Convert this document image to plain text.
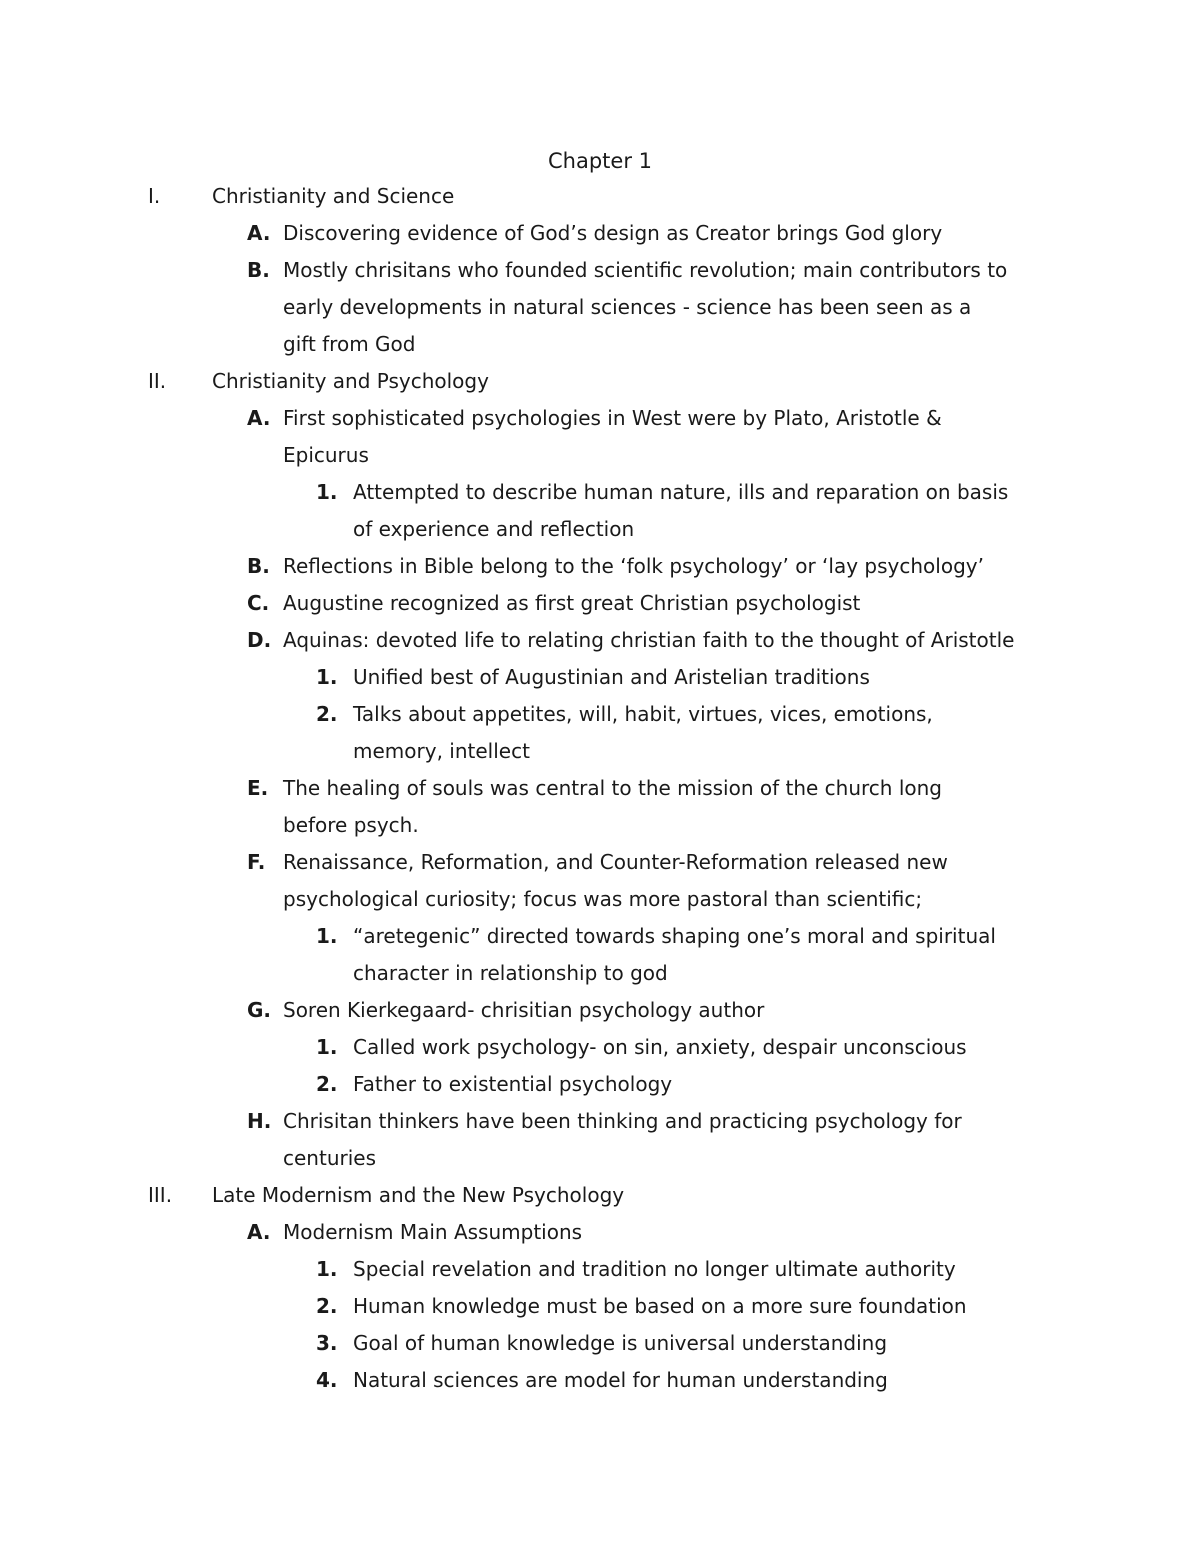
Chapter 1
I.	Christianity and Science
A. Discovering evidence of God’s design as Creator brings God glory
B. Mostly chrisitans who founded scientific revolution; main contributors to
early developments in natural sciences - science has been seen as a
gift from God
II. Christianity and Psychology
A. First sophisticated psychologies in West were by Plato, Aristotle &
Epicurus
1. Attempted to describe human nature, ills and reparation on basis
of experience and reflection
B. Reflections in Bible belong to the ‘folk psychology’ or ‘lay psychology’
C. Augustine recognized as first great Christian psychologist
D. Aquinas: devoted life to relating christian faith to the thought of Aristotle
1. Unified best of Augustinian and Aristelian traditions
2. Talks about appetites, will, habit, virtues, vices, emotions,
memory, intellect
E. The healing of souls was central to the mission of the church long
before psych.
F. Renaissance, Reformation, and Counter-Reformation released new
psychological curiosity; focus was more pastoral than scientific;
1. “aretegenic” directed towards shaping one’s moral and spiritual
character in relationship to god
G. Soren Kierkegaard- chrisitian psychology author
1. Called work psychology- on sin, anxiety, despair unconscious
2. Father to existential psychology
H. Chrisitan thinkers have been thinking and practicing psychology for
centuries
III. Late Modernism and the New Psychology
A. Modernism Main Assumptions
1. Special revelation and tradition no longer ultimate authority
2. Human knowledge must be based on a more sure foundation
3. Goal of human knowledge is universal understanding
4. Natural sciences are model for human understanding
